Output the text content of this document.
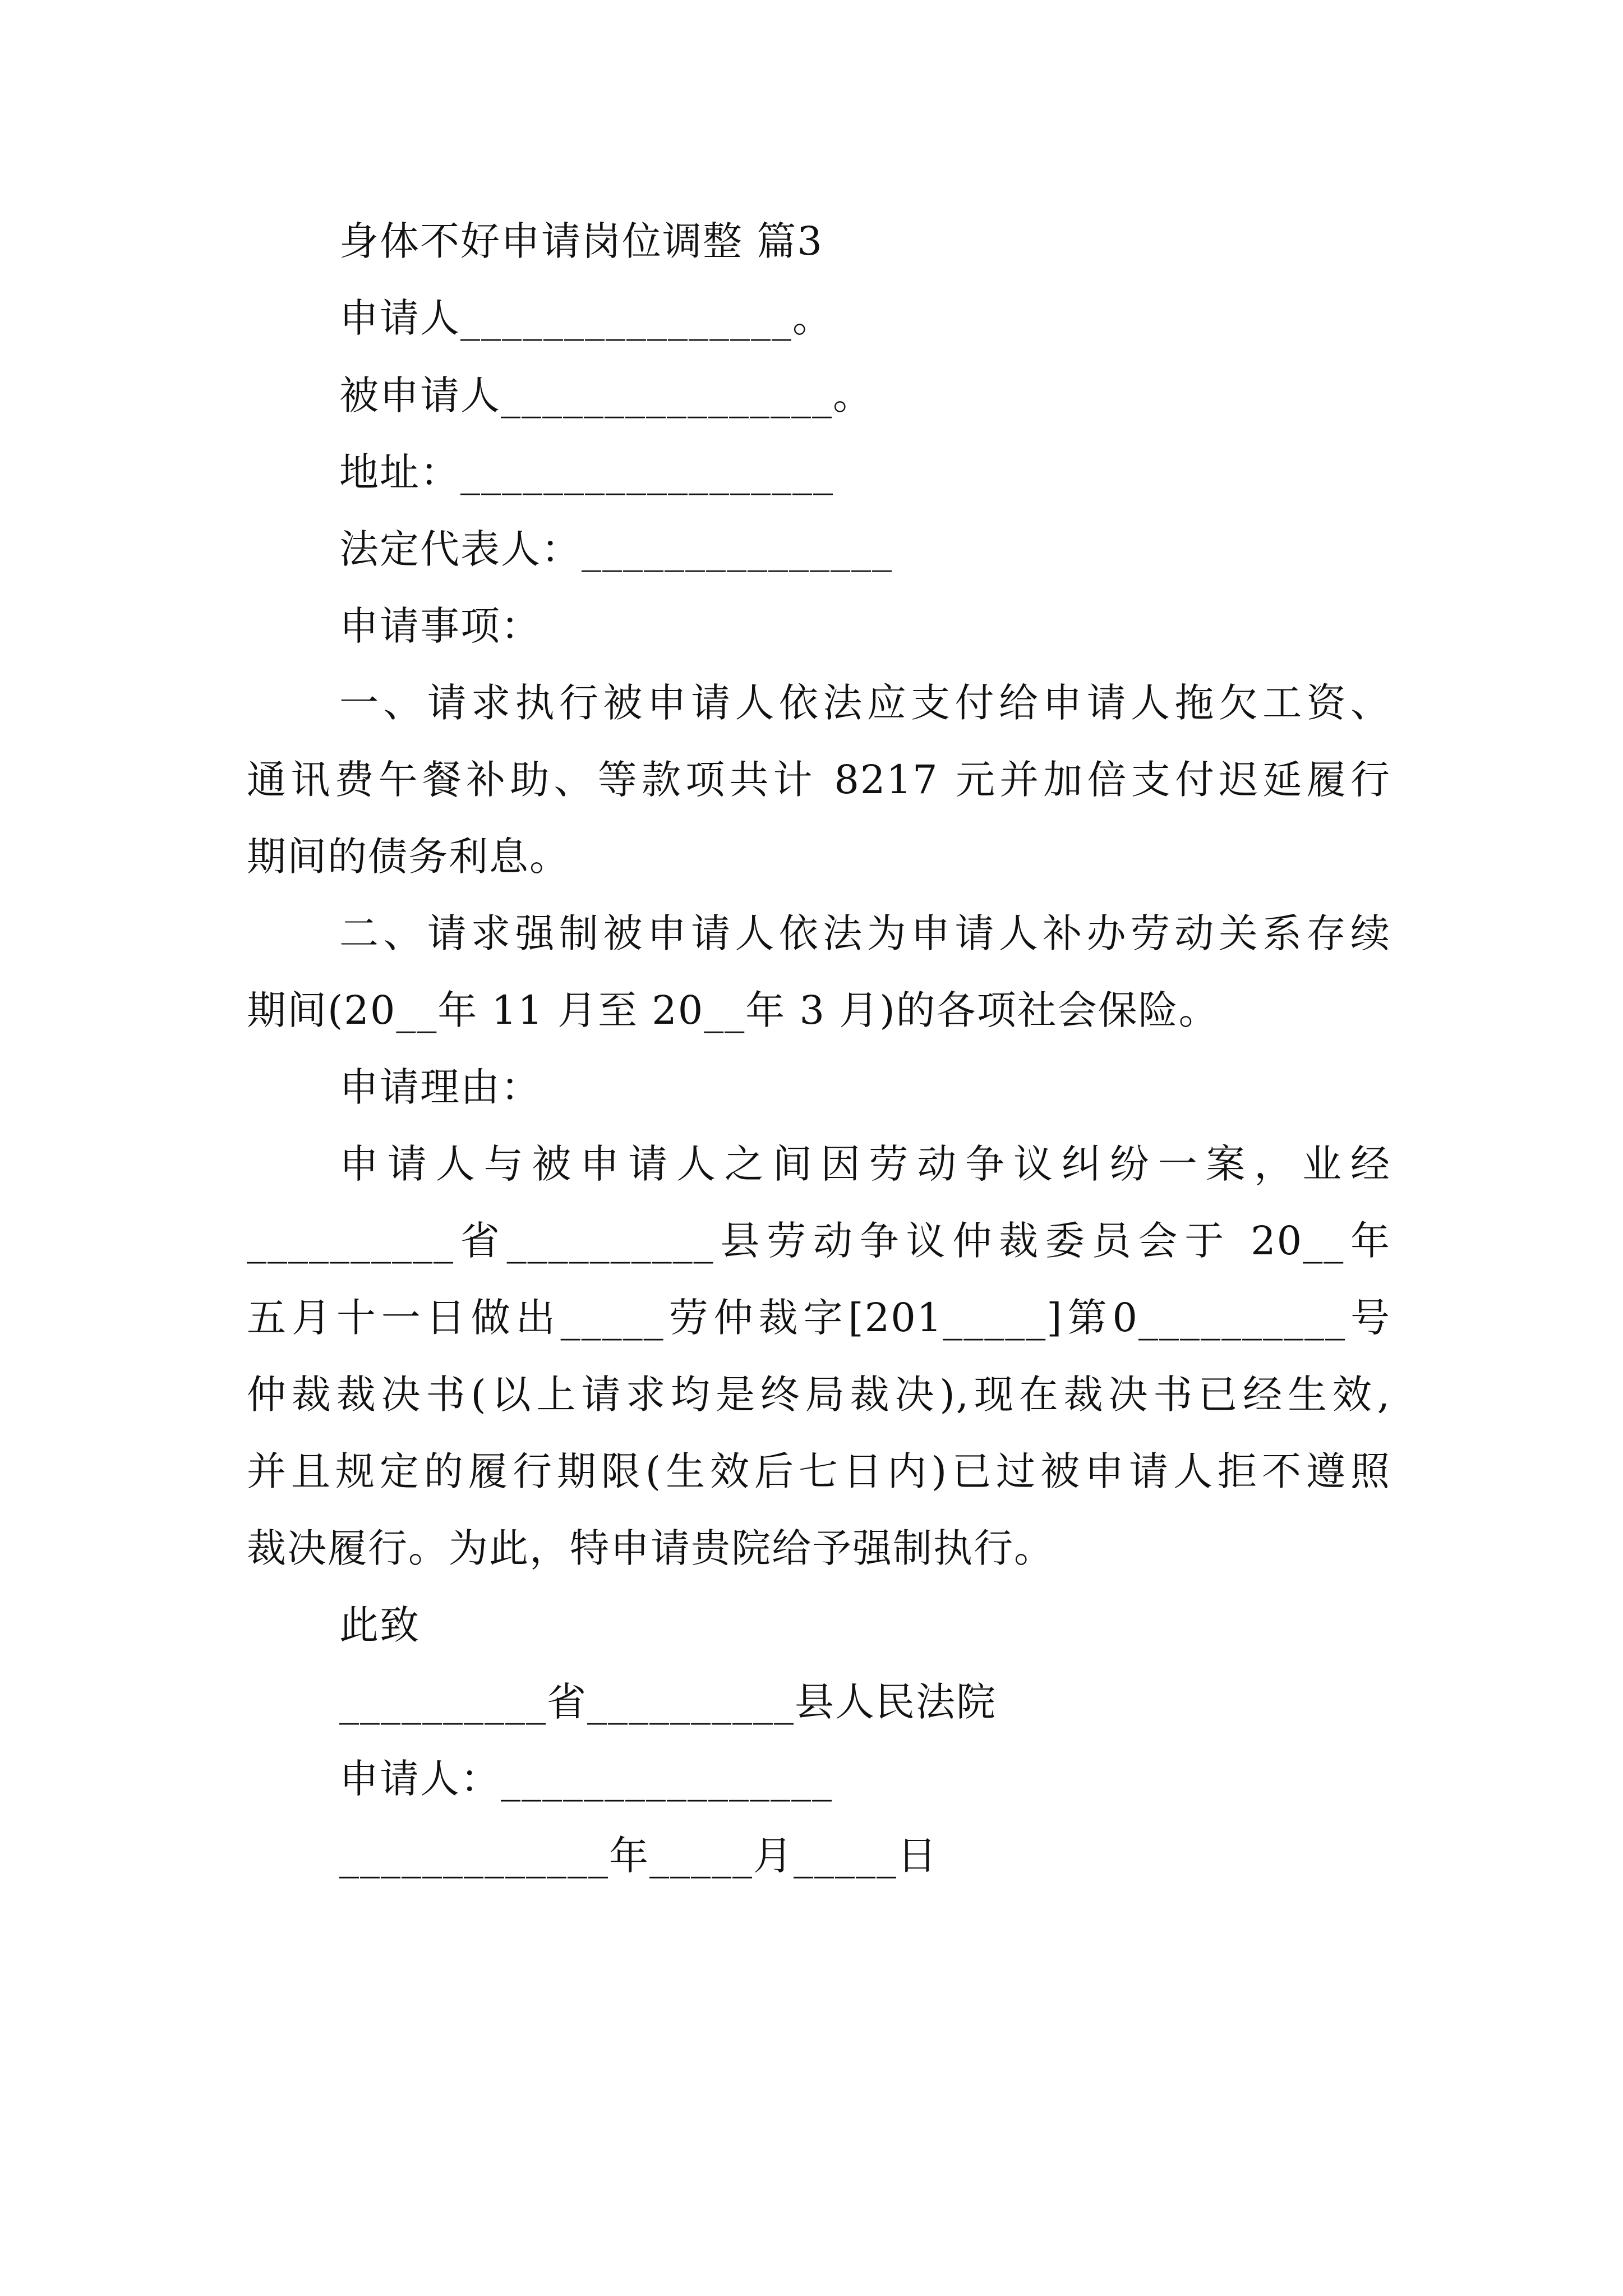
身体不好申请岗位调整 篇3
申请人________________。
被申请人________________。
地址：__________________
法定代表人：_______________
申请事项：
一、请求执行被申请人依法应支付给申请人拖欠工资、
通讯费午餐补助、等款项共计 8217 元并加倍支付迟延履行
期间的债务利息。
二、请求强制被申请人依法为申请人补办劳动关系存续
期间(20__年 11 月至 20__年 3 月)的各项社会保险。
申请理由：
申请人与被申请人之间因劳动争议纠纷一案，业经
__________省__________县劳动争议仲裁委员会于 20__年
五月十一日做出_____劳仲裁字[201_____]第0__________号
仲裁裁决书(以上请求均是终局裁决),现在裁决书已经生效,
并且规定的履行期限(生效后七日内)已过被申请人拒不遵照
裁决履行。为此，特申请贵院给予强制执行。
此致
__________省__________县人民法院
申请人：________________
_____________年_____月_____日
